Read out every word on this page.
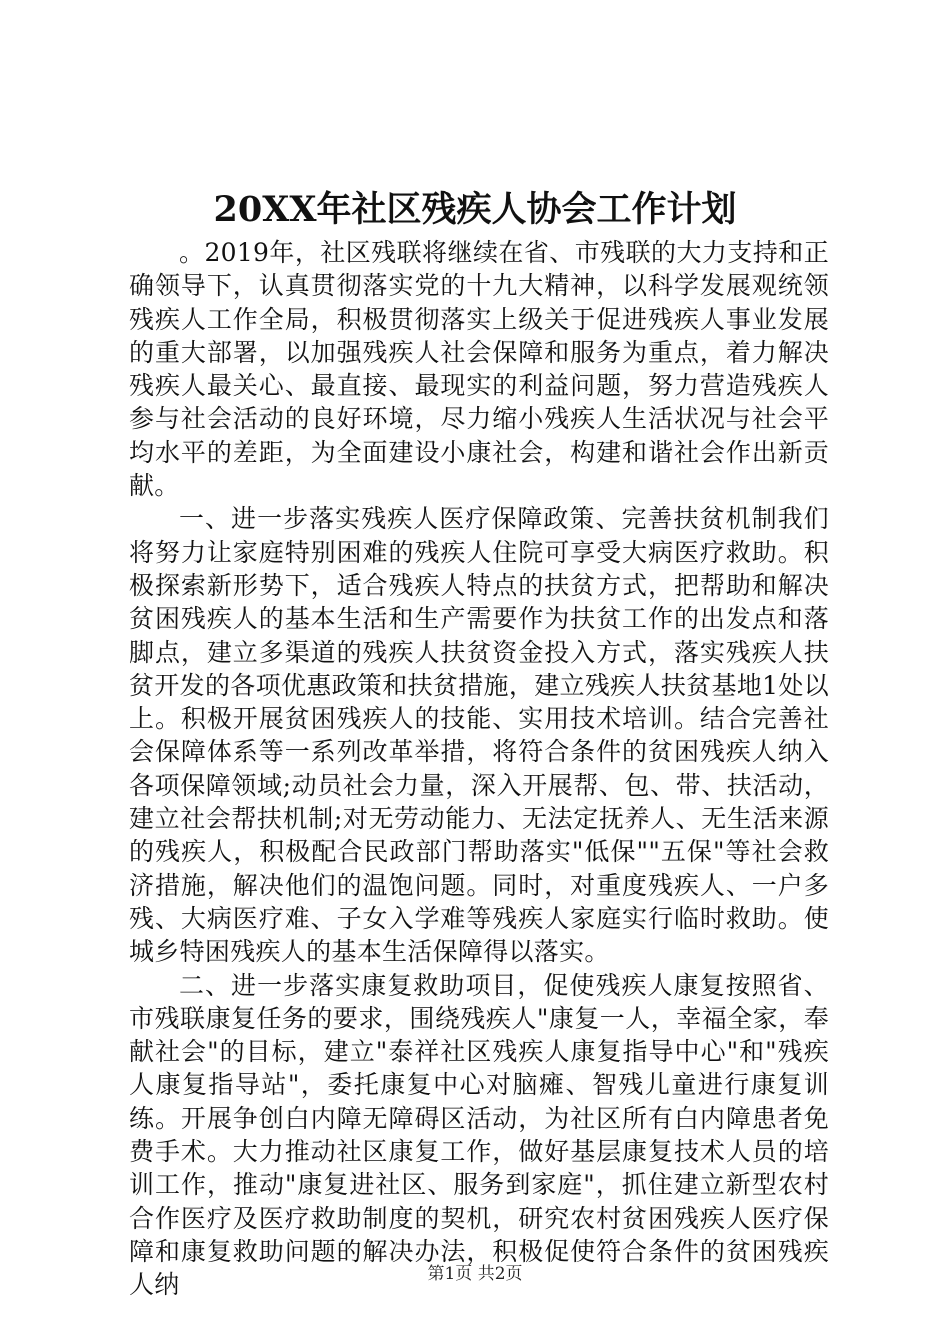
20XX年社区残疾人协会工作计划

。2019年，社区残联将继续在省、市残联的大力支持和正确领导下，认真贯彻落实党的十九大精神，以科学发展观统领残疾人工作全局，积极贯彻落实上级关于促进残疾人事业发展的重大部署，以加强残疾人社会保障和服务为重点，着力解决残疾人最关心、最直接、最现实的利益问题，努力营造残疾人参与社会活动的良好环境，尽力缩小残疾人生活状况与社会平均水平的差距，为全面建设小康社会，构建和谐社会作出新贡献。

一、进一步落实残疾人医疗保障政策、完善扶贫机制我们将努力让家庭特别困难的残疾人住院可享受大病医疗救助。积极探索新形势下，适合残疾人特点的扶贫方式，把帮助和解决贫困残疾人的基本生活和生产需要作为扶贫工作的出发点和落脚点，建立多渠道的残疾人扶贫资金投入方式，落实残疾人扶贫开发的各项优惠政策和扶贫措施，建立残疾人扶贫基地1处以上。积极开展贫困残疾人的技能、实用技术培训。结合完善社会保障体系等一系列改革举措，将符合条件的贫困残疾人纳入各项保障领域;动员社会力量，深入开展帮、包、带、扶活动，建立社会帮扶机制;对无劳动能力、无法定抚养人、无生活来源的残疾人，积极配合民政部门帮助落实"低保""五保"等社会救济措施，解决他们的温饱问题。同时，对重度残疾人、一户多残、大病医疗难、子女入学难等残疾人家庭实行临时救助。使城乡特困残疾人的基本生活保障得以落实。

二、进一步落实康复救助项目，促使残疾人康复按照省、市残联康复任务的要求，围绕残疾人"康复一人，幸福全家，奉献社会"的目标，建立"泰祥社区残疾人康复指导中心"和"残疾人康复指导站"，委托康复中心对脑瘫、智残儿童进行康复训练。开展争创白内障无障碍区活动，为社区所有白内障患者免费手术。大力推动社区康复工作，做好基层康复技术人员的培训工作，推动"康复进社区、服务到家庭"，抓住建立新型农村合作医疗及医疗救助制度的契机，研究农村贫困残疾人医疗保障和康复救助问题的解决办法，积极促使符合条件的贫困残疾人纳	第1页 共2页
